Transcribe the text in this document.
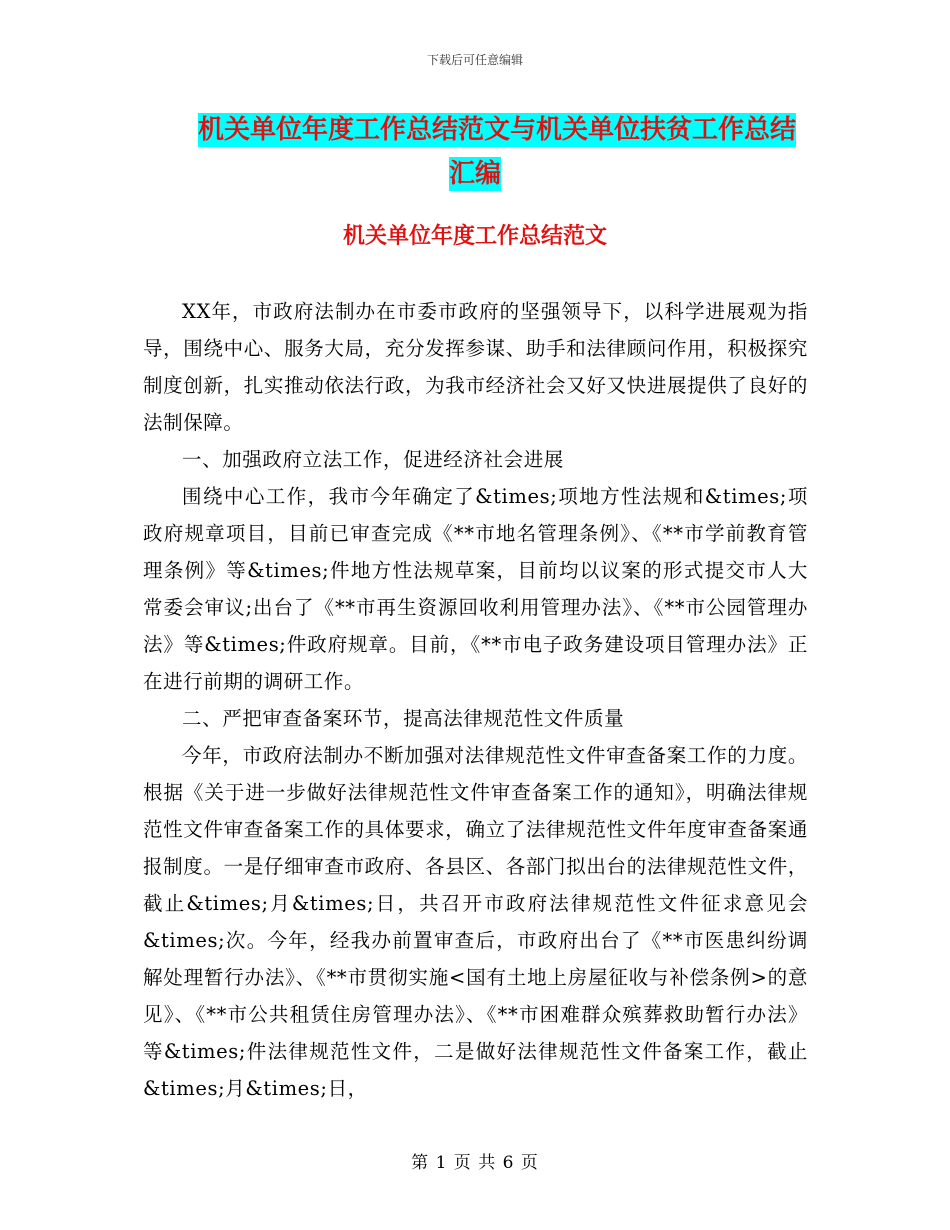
下载后可任意编辑
机关单位年度工作总结范文与机关单位扶贫工作总结
汇编
机关单位年度工作总结范文

XX年，市政府法制办在市委市政府的坚强领导下，以科学进展观为指导，围绕中心、服务大局，充分发挥参谋、助手和法律顾问作用，积极探究制度创新，扎实推动依法行政，为我市经济社会又好又快进展提供了良好的法制保障。

一、加强政府立法工作，促进经济社会进展

围绕中心工作，我市今年确定了&times;项地方性法规和&times;项政府规章项目，目前已审查完成《**市地名管理条例》、《**市学前教育管理条例》等&times;件地方性法规草案，目前均以议案的形式提交市人大常委会审议;出台了《**市再生资源回收利用管理办法》、《**市公园管理办法》等&times;件政府规章。目前，《**市电子政务建设项目管理办法》正在进行前期的调研工作。

二、严把审查备案环节，提高法律规范性文件质量

今年，市政府法制办不断加强对法律规范性文件审查备案工作的力度。根据《关于进一步做好法律规范性文件审查备案工作的通知》，明确法律规范性文件审查备案工作的具体要求，确立了法律规范性文件年度审查备案通报制度。一是仔细审查市政府、各县区、各部门拟出台的法律规范性文件，截止&times;月&times;日，共召开市政府法律规范性文件征求意见会&times;次。今年，经我办前置审查后，市政府出台了《**市医患纠纷调解处理暂行办法》、《**市贯彻实施<国有土地上房屋征收与补偿条例>的意见》、《**市公共租赁住房管理办法》、《**市困难群众殡葬救助暂行办法》等&times;件法律规范性文件，二是做好法律规范性文件备案工作，截止&times;月&times;日，

第 1 页 共 6 页
